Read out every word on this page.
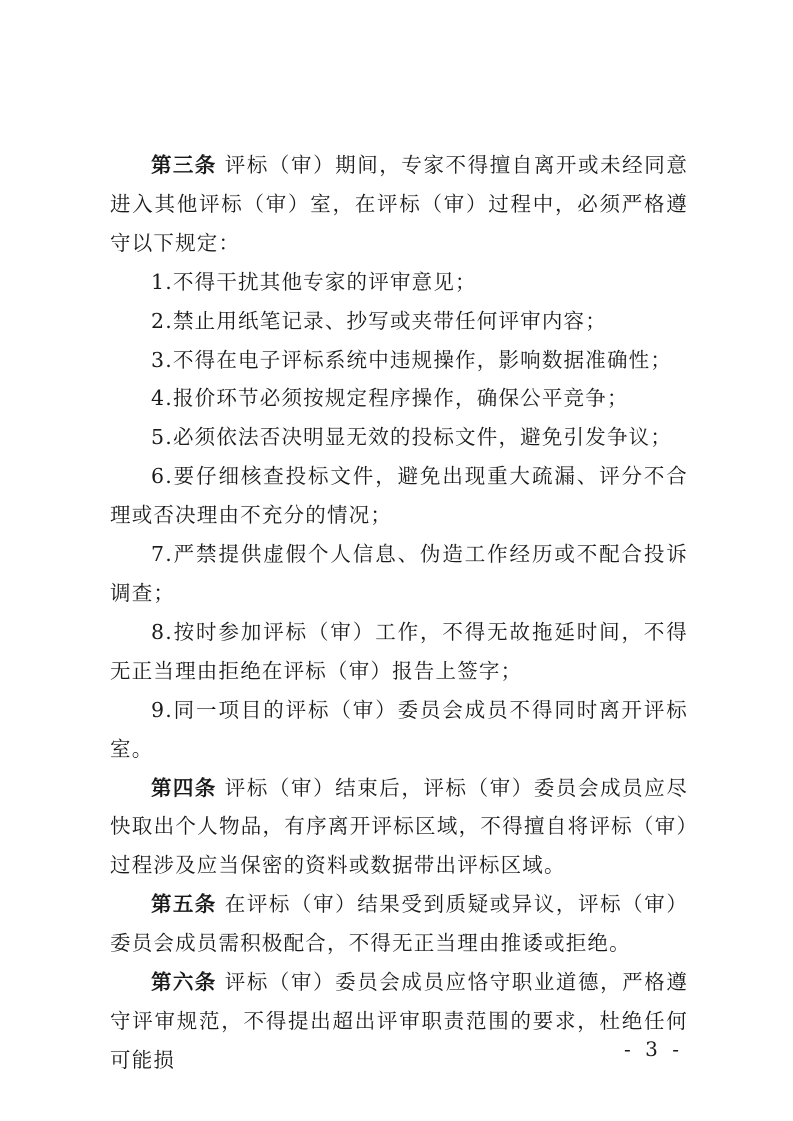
第三条 评标（审）期间，专家不得擅自离开或未经同意进入其他评标（审）室，在评标（审）过程中，必须严格遵守以下规定：

1.不得干扰其他专家的评审意见；

2.禁止用纸笔记录、抄写或夹带任何评审内容；

3.不得在电子评标系统中违规操作，影响数据准确性；

4.报价环节必须按规定程序操作，确保公平竞争；

5.必须依法否决明显无效的投标文件，避免引发争议；

6.要仔细核查投标文件，避免出现重大疏漏、评分不合理或否决理由不充分的情况；

7.严禁提供虚假个人信息、伪造工作经历或不配合投诉调查；

8.按时参加评标（审）工作，不得无故拖延时间，不得无正当理由拒绝在评标（审）报告上签字；

9.同一项目的评标（审）委员会成员不得同时离开评标室。

第四条 评标（审）结束后，评标（审）委员会成员应尽快取出个人物品，有序离开评标区域，不得擅自将评标（审）过程涉及应当保密的资料或数据带出评标区域。

第五条 在评标（审）结果受到质疑或异议，评标（审）委员会成员需积极配合，不得无正当理由推诿或拒绝。

第六条 评标（审）委员会成员应恪守职业道德，严格遵守评审规范，不得提出超出评审职责范围的要求，杜绝任何可能损	- 3 -
